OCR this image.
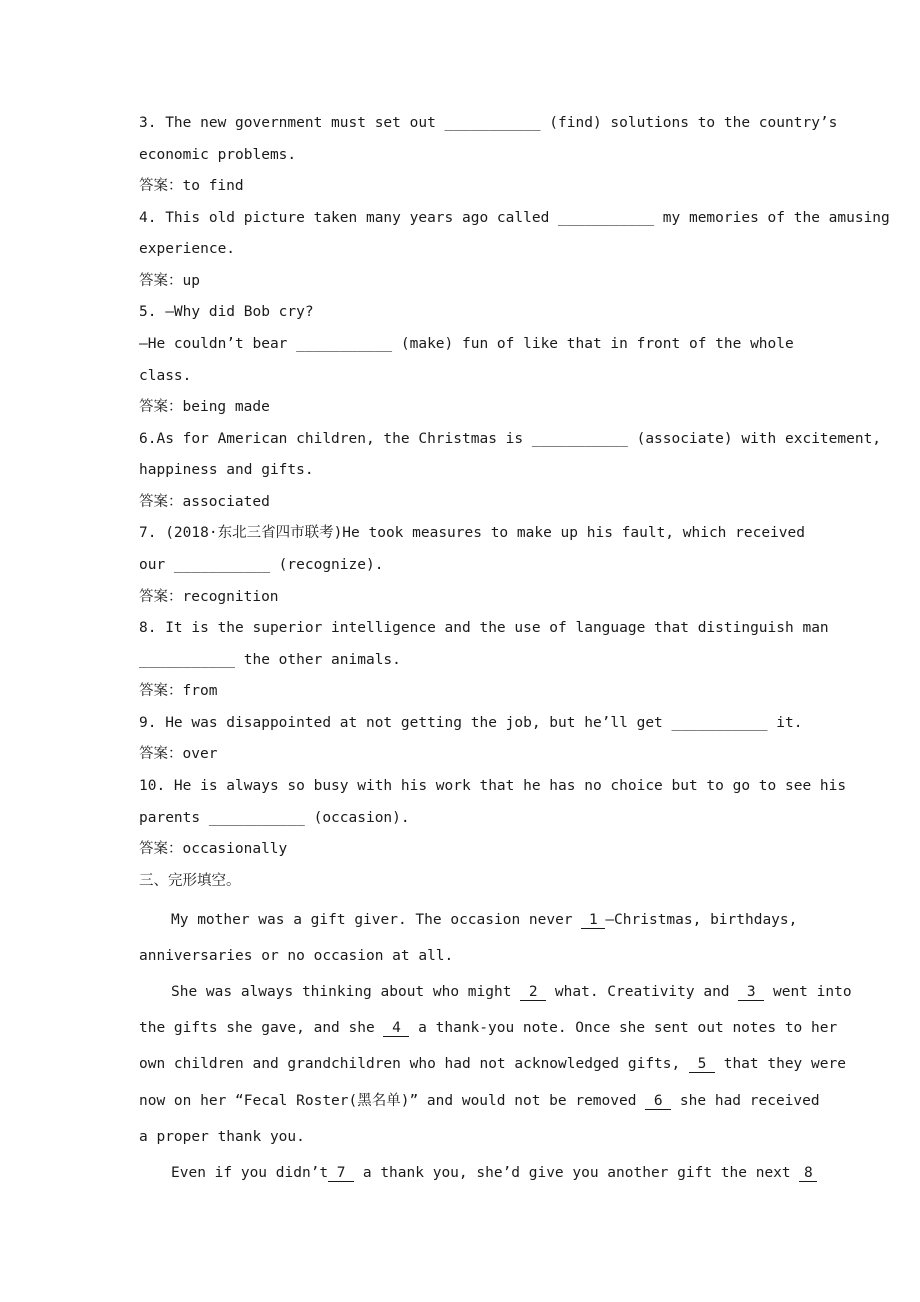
3. The new government must set out ___________ (find) solutions to the country’s
economic problems.
答案：to find
4. This old picture taken many years ago called ___________ my memories of the amusing
experience.
答案：up
5. —Why did Bob cry?
—He couldn’t bear ___________ (make) fun of like that in front of the whole
class.
答案：being made
6.As for American children, the Christmas is ___________ (associate) with excitement,
happiness and gifts.
答案：associated
7. (2018·东北三省四市联考)He took measures to make up his fault, which received
our ___________ (recognize).
答案：recognition
8. It is the superior intelligence and the use of language that distinguish man
___________ the other animals.
答案：from
9. He was disappointed at not getting the job, but he’ll get ___________ it.
答案：over
10. He is always so busy with his work that he has no choice but to go to see his
parents ___________ (occasion).
答案：occasionally
三、完形填空。
My mother was a gift giver. The occasion never 1 —Christmas, birthdays,
anniversaries or no occasion at all.
She was always thinking about who might 2 what. Creativity and 3 went into
the gifts she gave, and she 4 a thank-you note. Once she sent out notes to her
own children and grandchildren who had not acknowledged gifts, 5 that they were
now on her “Fecal Roster(黑名单)” and would not be removed 6 she had received
a proper thank you.
Even if you didn’t 7 a thank you, she’d give you another gift the next 8
